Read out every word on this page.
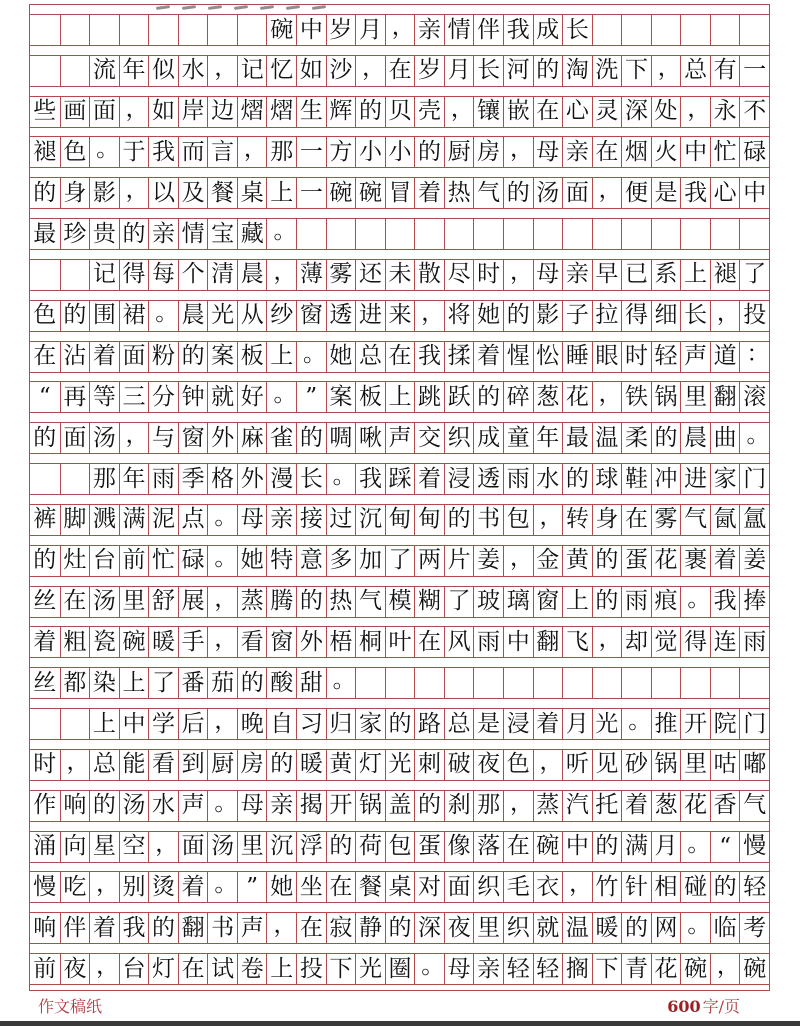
碗 中 岁 月 ， 亲 情 伴 我 成 长
流 年 似 水 ， 记 忆 如 沙 ， 在 岁 月 长 河 的 淘 洗 下 ， 总 有 一
些 画 面 ， 如 岸 边 熠 熠 生 辉 的 贝 壳 ， 镶 嵌 在 心 灵 深 处 ， 永 不
褪 色 。 于 我 而 言 ， 那 一 方 小 小 的 厨 房 ， 母 亲 在 烟 火 中 忙 碌
的 身 影 ， 以 及 餐 桌 上 一 碗 碗 冒 着 热 气 的 汤 面 ， 便 是 我 心 中
最 珍 贵 的 亲 情 宝 藏 。
记 得 每 个 清 晨 ， 薄 雾 还 未 散 尽 时 ， 母 亲 早 已 系 上 褪 了
色 的 围 裙 。 晨 光 从 纱 窗 透 进 来 ， 将 她 的 影 子 拉 得 细 长 ， 投
在 沾 着 面 粉 的 案 板 上 。 她 总 在 我 揉 着 惺 忪 睡 眼 时 轻 声 道 ：
“ 再 等 三 分 钟 就 好 。 ” 案 板 上 跳 跃 的 碎 葱 花 ， 铁 锅 里 翻 滚
的 面 汤 ， 与 窗 外 麻 雀 的 啁 啾 声 交 织 成 童 年 最 温 柔 的 晨 曲 。
那 年 雨 季 格 外 漫 长 。 我 踩 着 浸 透 雨 水 的 球 鞋 冲 进 家 门
裤 脚 溅 满 泥 点 。 母 亲 接 过 沉 甸 甸 的 书 包 ， 转 身 在 雾 气 氤 氲
的 灶 台 前 忙 碌 。 她 特 意 多 加 了 两 片 姜 ， 金 黄 的 蛋 花 裹 着 姜
丝 在 汤 里 舒 展 ， 蒸 腾 的 热 气 模 糊 了 玻 璃 窗 上 的 雨 痕 。 我 捧
着 粗 瓷 碗 暖 手 ， 看 窗 外 梧 桐 叶 在 风 雨 中 翻 飞 ， 却 觉 得 连 雨
丝 都 染 上 了 番 茄 的 酸 甜 。
上 中 学 后 ， 晚 自 习 归 家 的 路 总 是 浸 着 月 光 。 推 开 院 门
时 ， 总 能 看 到 厨 房 的 暖 黄 灯 光 刺 破 夜 色 ， 听 见 砂 锅 里 咕 嘟
作 响 的 汤 水 声 。 母 亲 揭 开 锅 盖 的 刹 那 ， 蒸 汽 托 着 葱 花 香 气
涌 向 星 空 ， 面 汤 里 沉 浮 的 荷 包 蛋 像 落 在 碗 中 的 满 月 。 “ 慢
慢 吃 ， 别 烫 着 。 ” 她 坐 在 餐 桌 对 面 织 毛 衣 ， 竹 针 相 碰 的 轻
响 伴 着 我 的 翻 书 声 ， 在 寂 静 的 深 夜 里 织 就 温 暖 的 网 。 临 考
前 夜 ， 台 灯 在 试 卷 上 投 下 光 圈 。 母 亲 轻 轻 搁 下 青 花 碗 ， 碗
作文稿纸	600 字/页
